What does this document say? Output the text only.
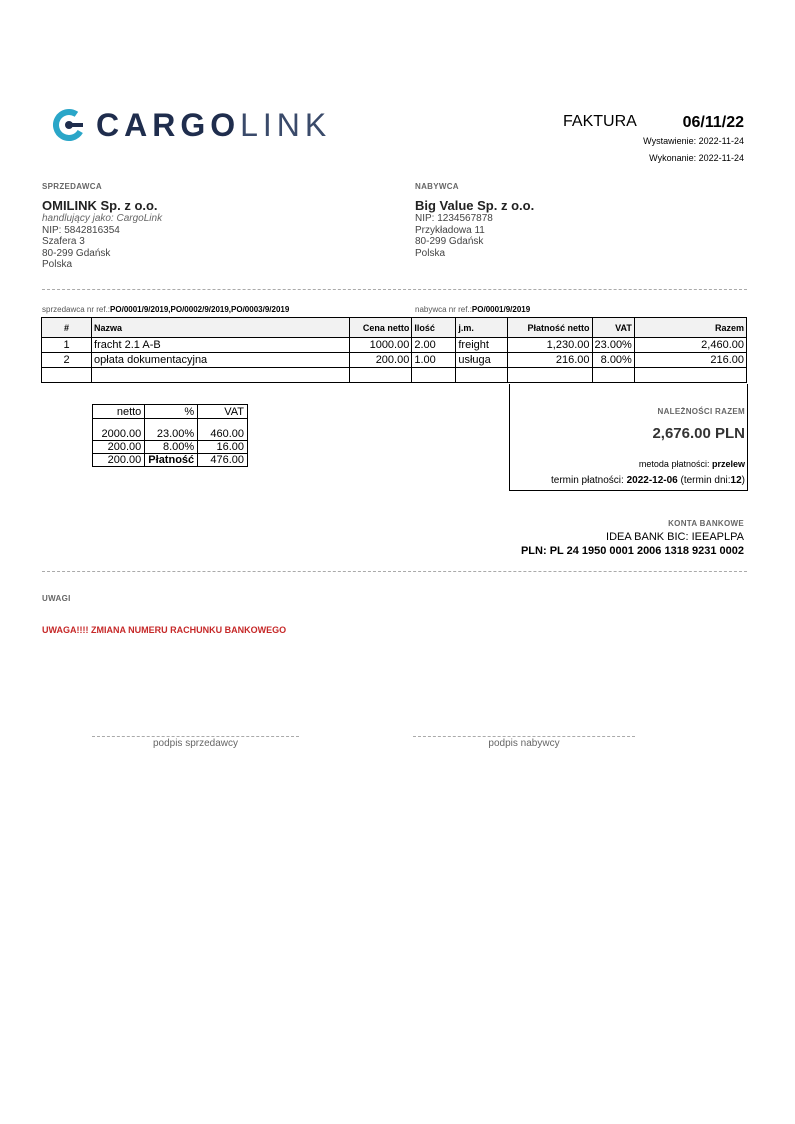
CARGOLINK	FAKTURA	06/11/22
Wystawienie: 2022-11-24
Wykonanie: 2022-11-24
SPRZEDAWCA
OMILINK Sp. z o.o.
handlujący jako: CargoLink
NIP: 5842816354
Szafera 3
80-299 Gdańsk
Polska
NABYWCA
Big Value Sp. z o.o.
NIP: 1234567878
Przykładowa 11
80-299 Gdańsk
Polska
sprzedawca nr ref.:PO/0001/9/2019,PO/0002/9/2019,PO/0003/9/2019	nabywca nr ref.:PO/0001/9/2019
#	Nazwa	Cena netto	Ilość	j.m.	Płatność netto	VAT	Razem
1	fracht 2.1 A-B	1000.00	2.00	freight	1,230.00	23.00%	2,460.00
2	opłata dokumentacyjna	200.00	1.00	usługa	216.00	8.00%	216.00

NALEŻNOŚCI RAZEM
2,676.00 PLN
metoda płatności: przelew
termin płatności: 2022-12-06 (termin dni:12)
netto	%	VAT
2000.00	23.00%	460.00
200.00	8.00%	16.00
200.00	Płatność	476.00
KONTA BANKOWE
IDEA BANK BIC: IEEAPLPA
PLN: PL 24 1950 0001 2006 1318 9231 0002
UWAGI
UWAGA!!!! ZMIANA NUMERU RACHUNKU BANKOWEGO
podpis sprzedawcy	podpis nabywcy
